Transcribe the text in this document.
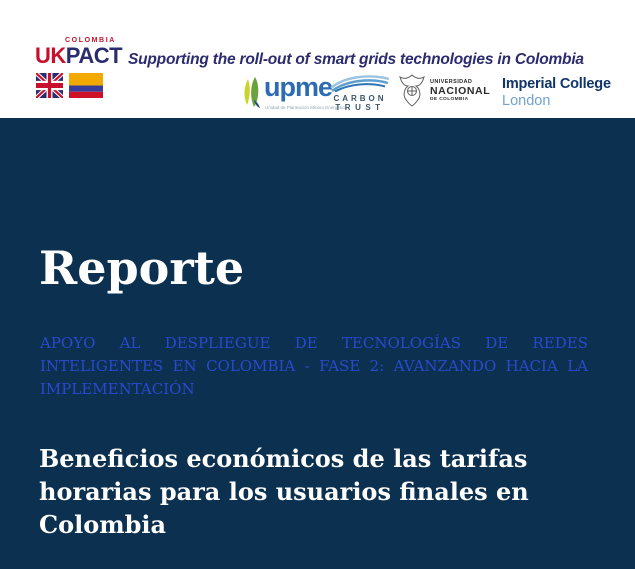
COLOMBIA
UKPACT Supporting the roll-out of smart grids technologies in Colombia
upme
Unidad de Planeación Minero Energética
CARBON
TRUST
UNIVERSIDAD
NACIONAL
DE COLOMBIA
Imperial College
London
Reporte
APOYO AL DESPLIEGUE DE TECNOLOGÍAS DE REDES INTELIGENTES EN COLOMBIA - FASE 2: AVANZANDO HACIA LA IMPLEMENTACIÓN
Beneficios económicos de las tarifas horarias para los usuarios finales en Colombia
